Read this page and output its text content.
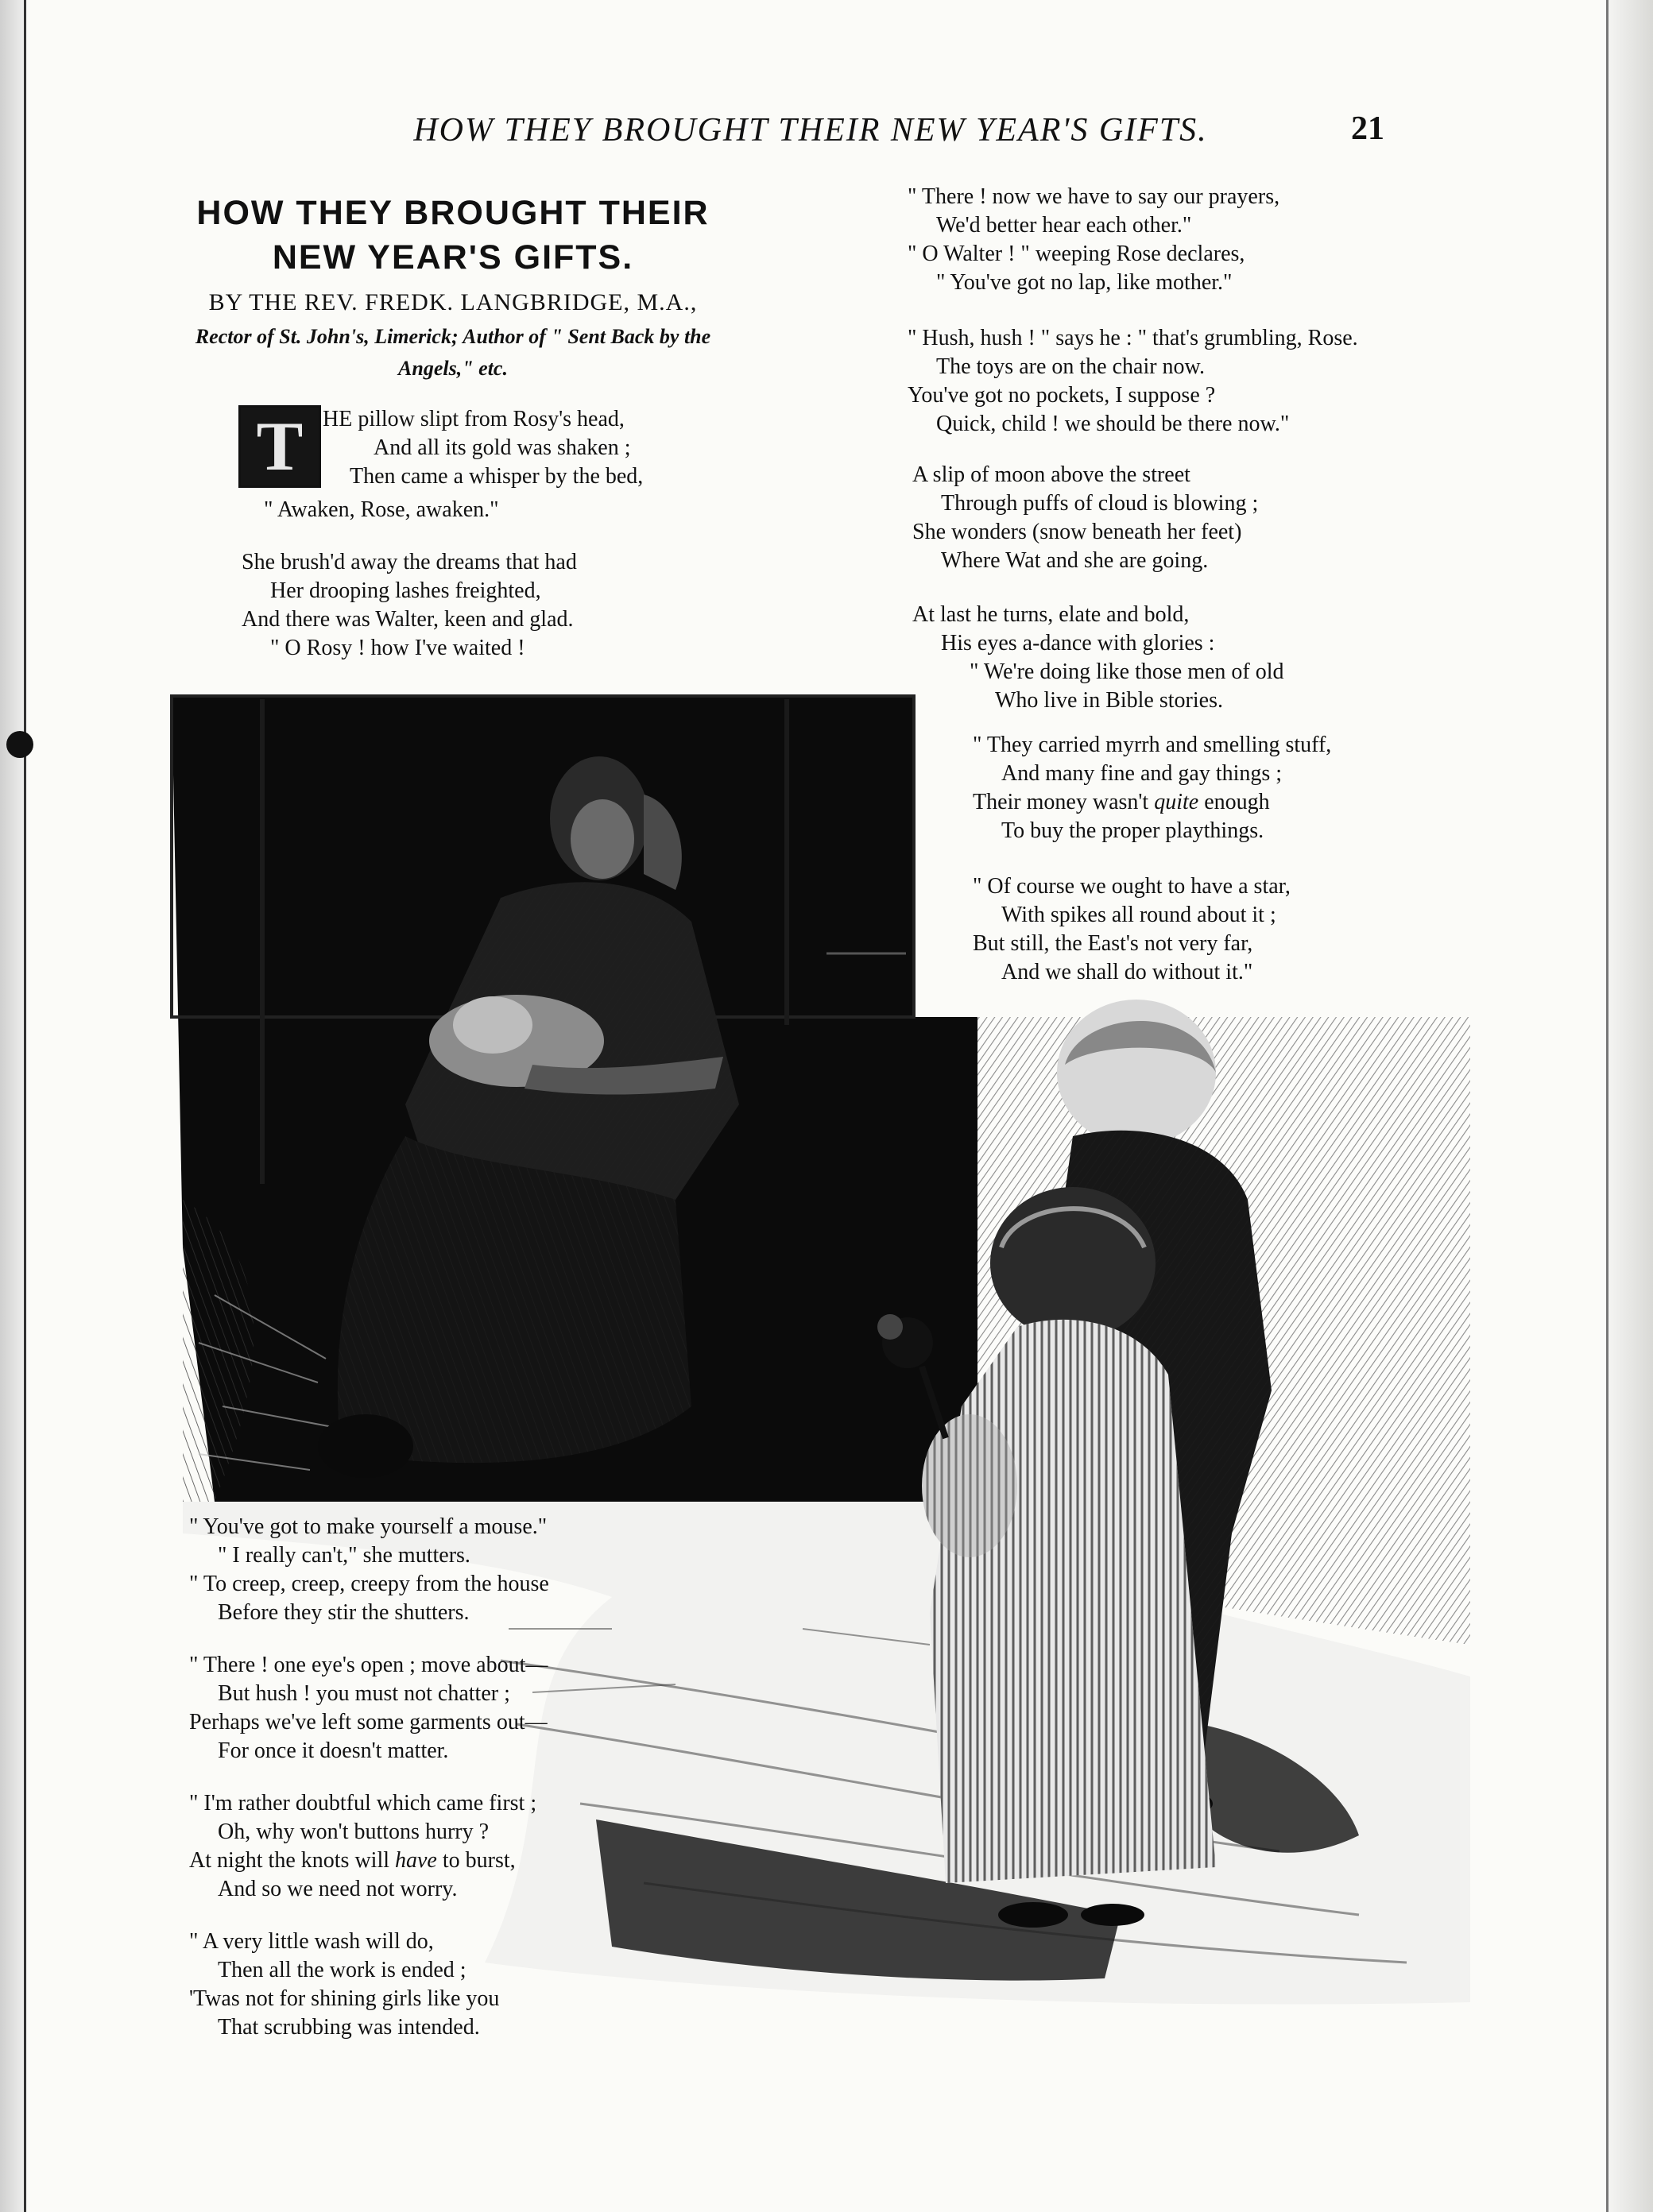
HOW THEY BROUGHT THEIR NEW YEAR'S GIFTS.	21
HOW THEY BROUGHT THEIR
NEW YEAR'S GIFTS.
BY THE REV. FREDK. LANGBRIDGE, M.A.,
Rector of St. John's, Limerick; Author of " Sent Back by the
Angels," etc.
T HE pillow slipt from Rosy's head,
And all its gold was shaken ;
Then came a whisper by the bed,
" Awaken, Rose, awaken."
She brush'd away the dreams that had
Her drooping lashes freighted,
And there was Walter, keen and glad.
" O Rosy ! how I've waited !
" There ! now we have to say our prayers,
We'd better hear each other."
" O Walter ! " weeping Rose declares,
" You've got no lap, like mother."
" Hush, hush ! " says he : " that's grumbling, Rose.
The toys are on the chair now.
You've got no pockets, I suppose ?
Quick, child ! we should be there now."
A slip of moon above the street
Through puffs of cloud is blowing ;
She wonders (snow beneath her feet)
Where Wat and she are going.
At last he turns, elate and bold,
His eyes a-dance with glories :
" We're doing like those men of old
Who live in Bible stories.
" They carried myrrh and smelling stuff,
And many fine and gay things ;
Their money wasn't quite enough
To buy the proper playthings.
" Of course we ought to have a star,
With spikes all round about it ;
But still, the East's not very far,
And we shall do without it."
" You've got to make yourself a mouse."
" I really can't," she mutters.
" To creep, creep, creepy from the house
Before they stir the shutters.
" There ! one eye's open ; move about—
But hush ! you must not chatter ;
Perhaps we've left some garments out—
For once it doesn't matter.
" I'm rather doubtful which came first ;
Oh, why won't buttons hurry ?
At night the knots will have to burst,
And so we need not worry.
" A very little wash will do,
Then all the work is ended ;
'Twas not for shining girls like you
That scrubbing was intended.
